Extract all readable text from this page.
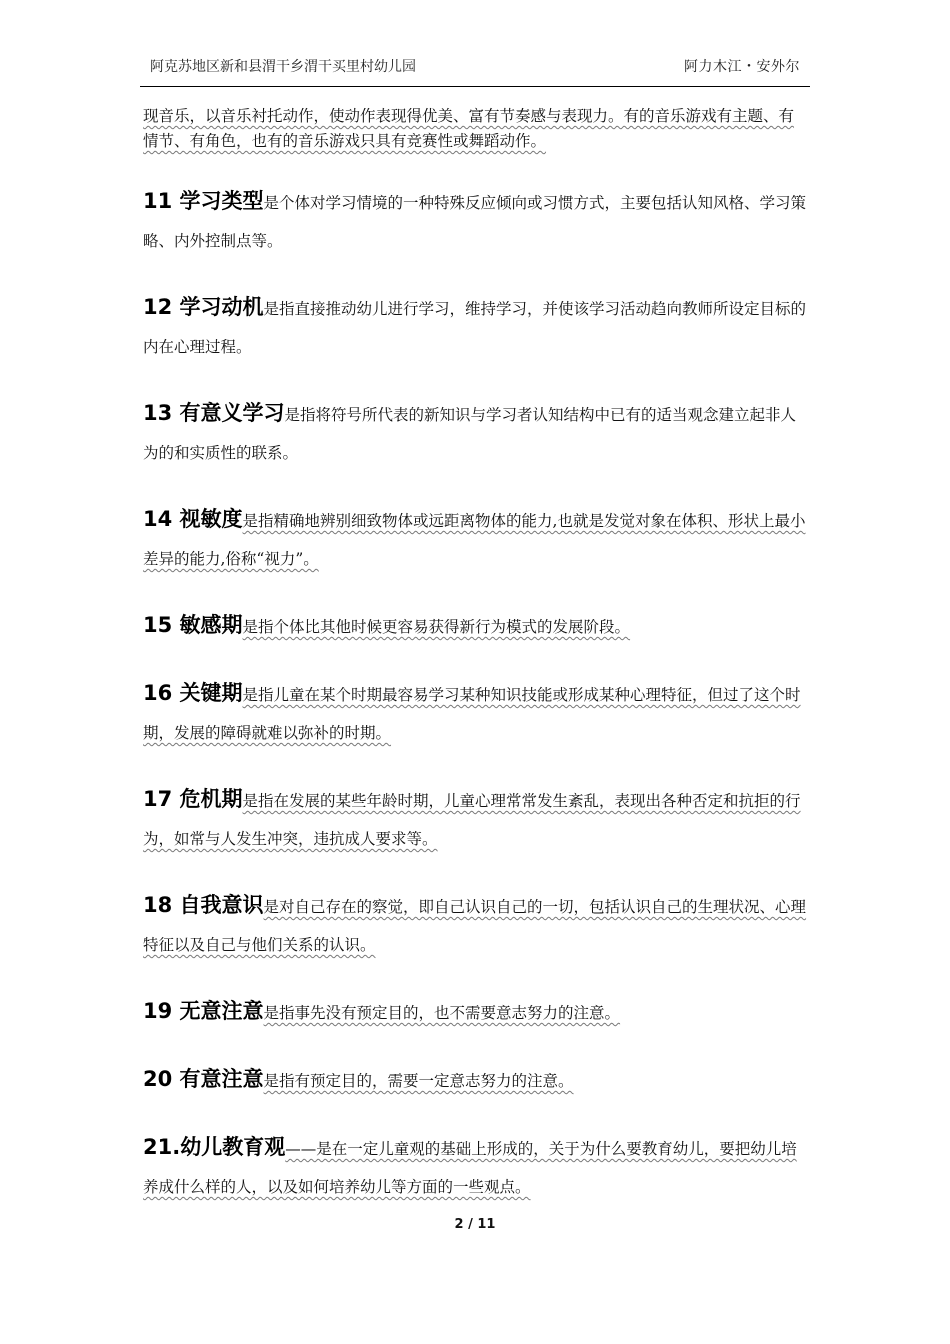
阿克苏地区新和县渭干乡渭干买里村幼儿园	阿力木江・安外尔

现音乐，以音乐衬托动作，使动作表现得优美、富有节奏感与表现力。有的音乐游戏有主题、有情节、有角色，也有的音乐游戏只具有竞赛性或舞蹈动作。

11 学习类型是个体对学习情境的一种特殊反应倾向或习惯方式，主要包括认知风格、学习策略、内外控制点等。
12 学习动机是指直接推动幼儿进行学习，维持学习，并使该学习活动趋向教师所设定目标的内在心理过程。
13 有意义学习是指将符号所代表的新知识与学习者认知结构中已有的适当观念建立起非人为的和实质性的联系。
14 视敏度是指精确地辨别细致物体或远距离物体的能力,也就是发觉对象在体积、形状上最小差异的能力,俗称“视力”。
15 敏感期是指个体比其他时候更容易获得新行为模式的发展阶段。
16 关键期是指儿童在某个时期最容易学习某种知识技能或形成某种心理特征，但过了这个时期，发展的障碍就难以弥补的时期。
17 危机期是指在发展的某些年龄时期，儿童心理常常发生紊乱，表现出各种否定和抗拒的行为，如常与人发生冲突，违抗成人要求等。
18 自我意识是对自己存在的察觉，即自己认识自己的一切，包括认识自己的生理状况、心理特征以及自己与他们关系的认识。
19 无意注意是指事先没有预定目的，也不需要意志努力的注意。
20 有意注意是指有预定目的，需要一定意志努力的注意。
21.幼儿教育观——是在一定儿童观的基础上形成的，关于为什么要教育幼儿，要把幼儿培养成什么样的人，以及如何培养幼儿等方面的一些观点。
2 / 11
